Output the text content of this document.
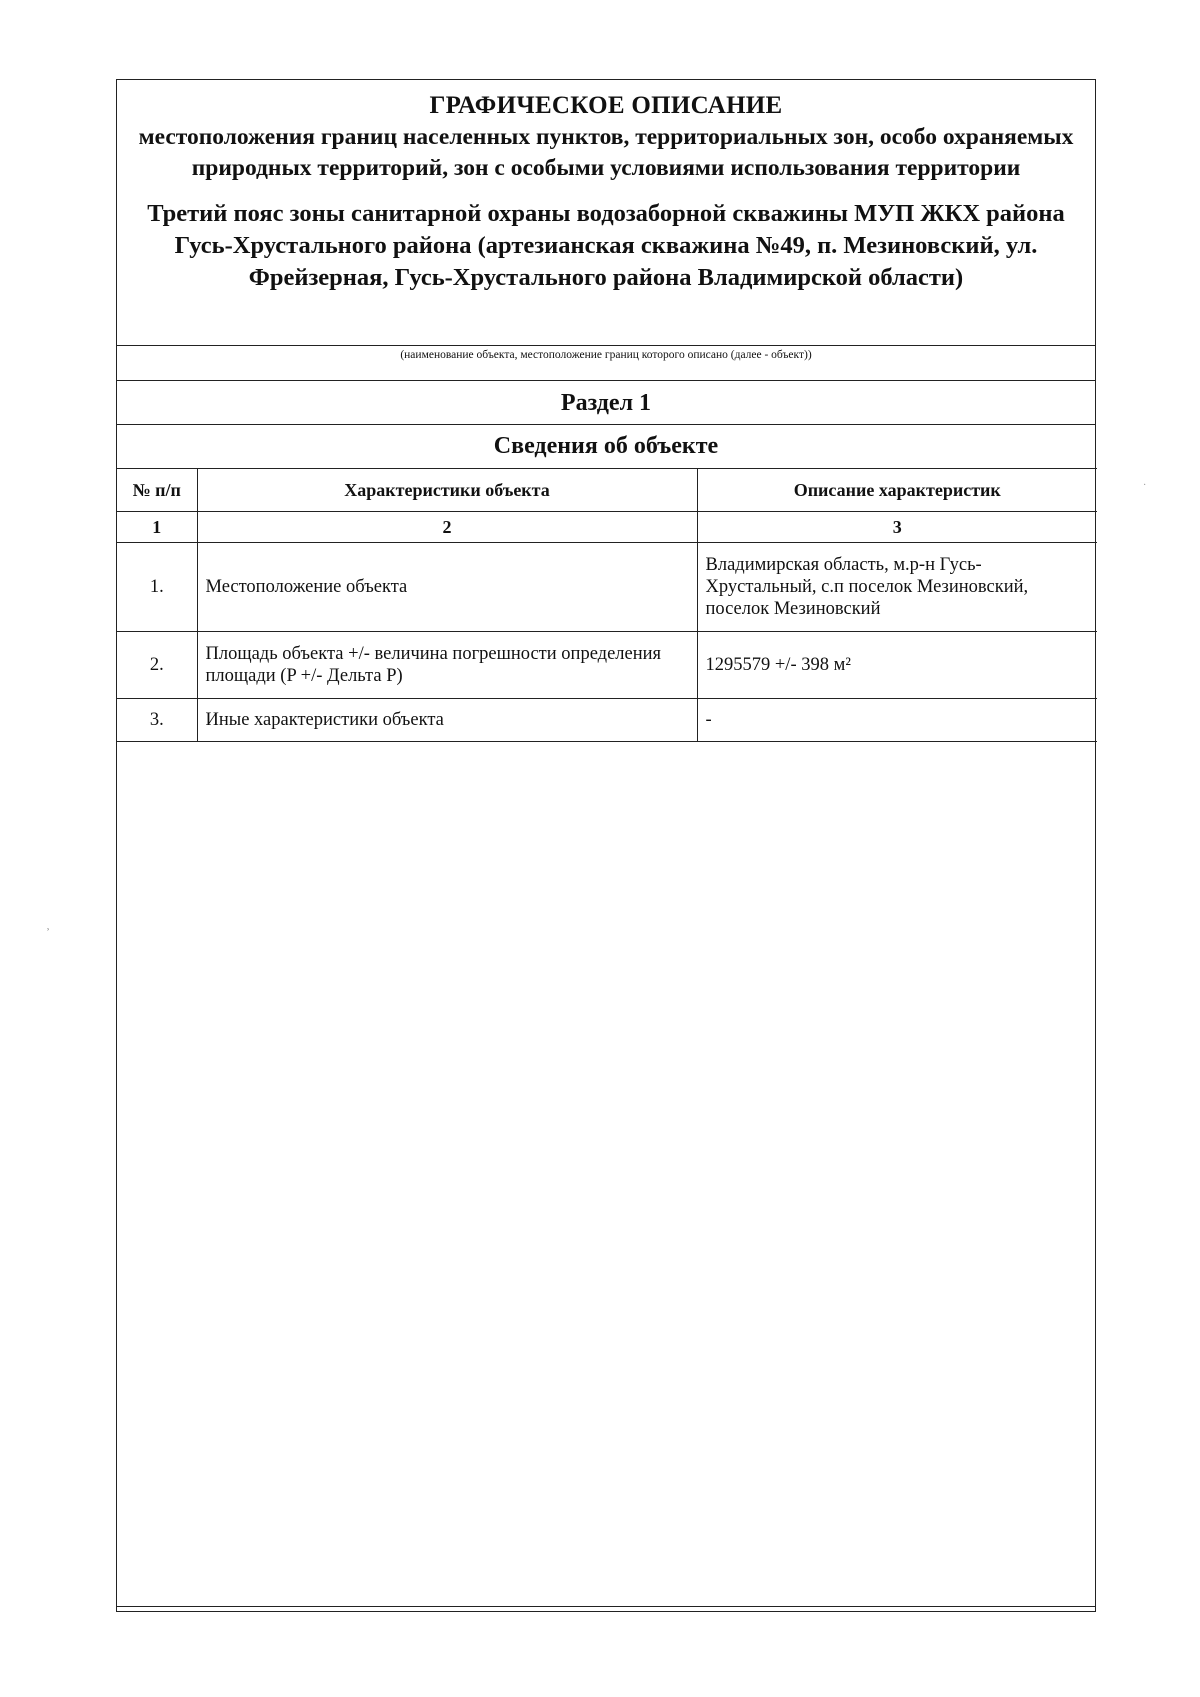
ГРАФИЧЕСКОЕ ОПИСАНИЕ
местоположения границ населенных пунктов, территориальных зон, особо охраняемых природных территорий, зон с особыми условиями использования территории
Третий пояс зоны санитарной охраны водозаборной скважины МУП ЖКХ района Гусь-Хрустального района (артезианская скважина №49, п. Мезиновский, ул. Фрейзерная, Гусь-Хрустального района Владимирской области)
(наименование объекта, местоположение границ которого описано (далее - объект))
Раздел 1
Сведения об объекте
№ п/п	Характеристики объекта	Описание характеристик
1	2	3
1.	Местоположение объекта	Владимирская область, м.р-н Гусь-Хрустальный, с.п поселок Мезиновский, поселок Мезиновский
2.	Площадь объекта +/- величина погрешности определения площади (P +/- Дельта P)	1295579 +/- 398 м²
3.	Иные характеристики объекта	-
˒
·
